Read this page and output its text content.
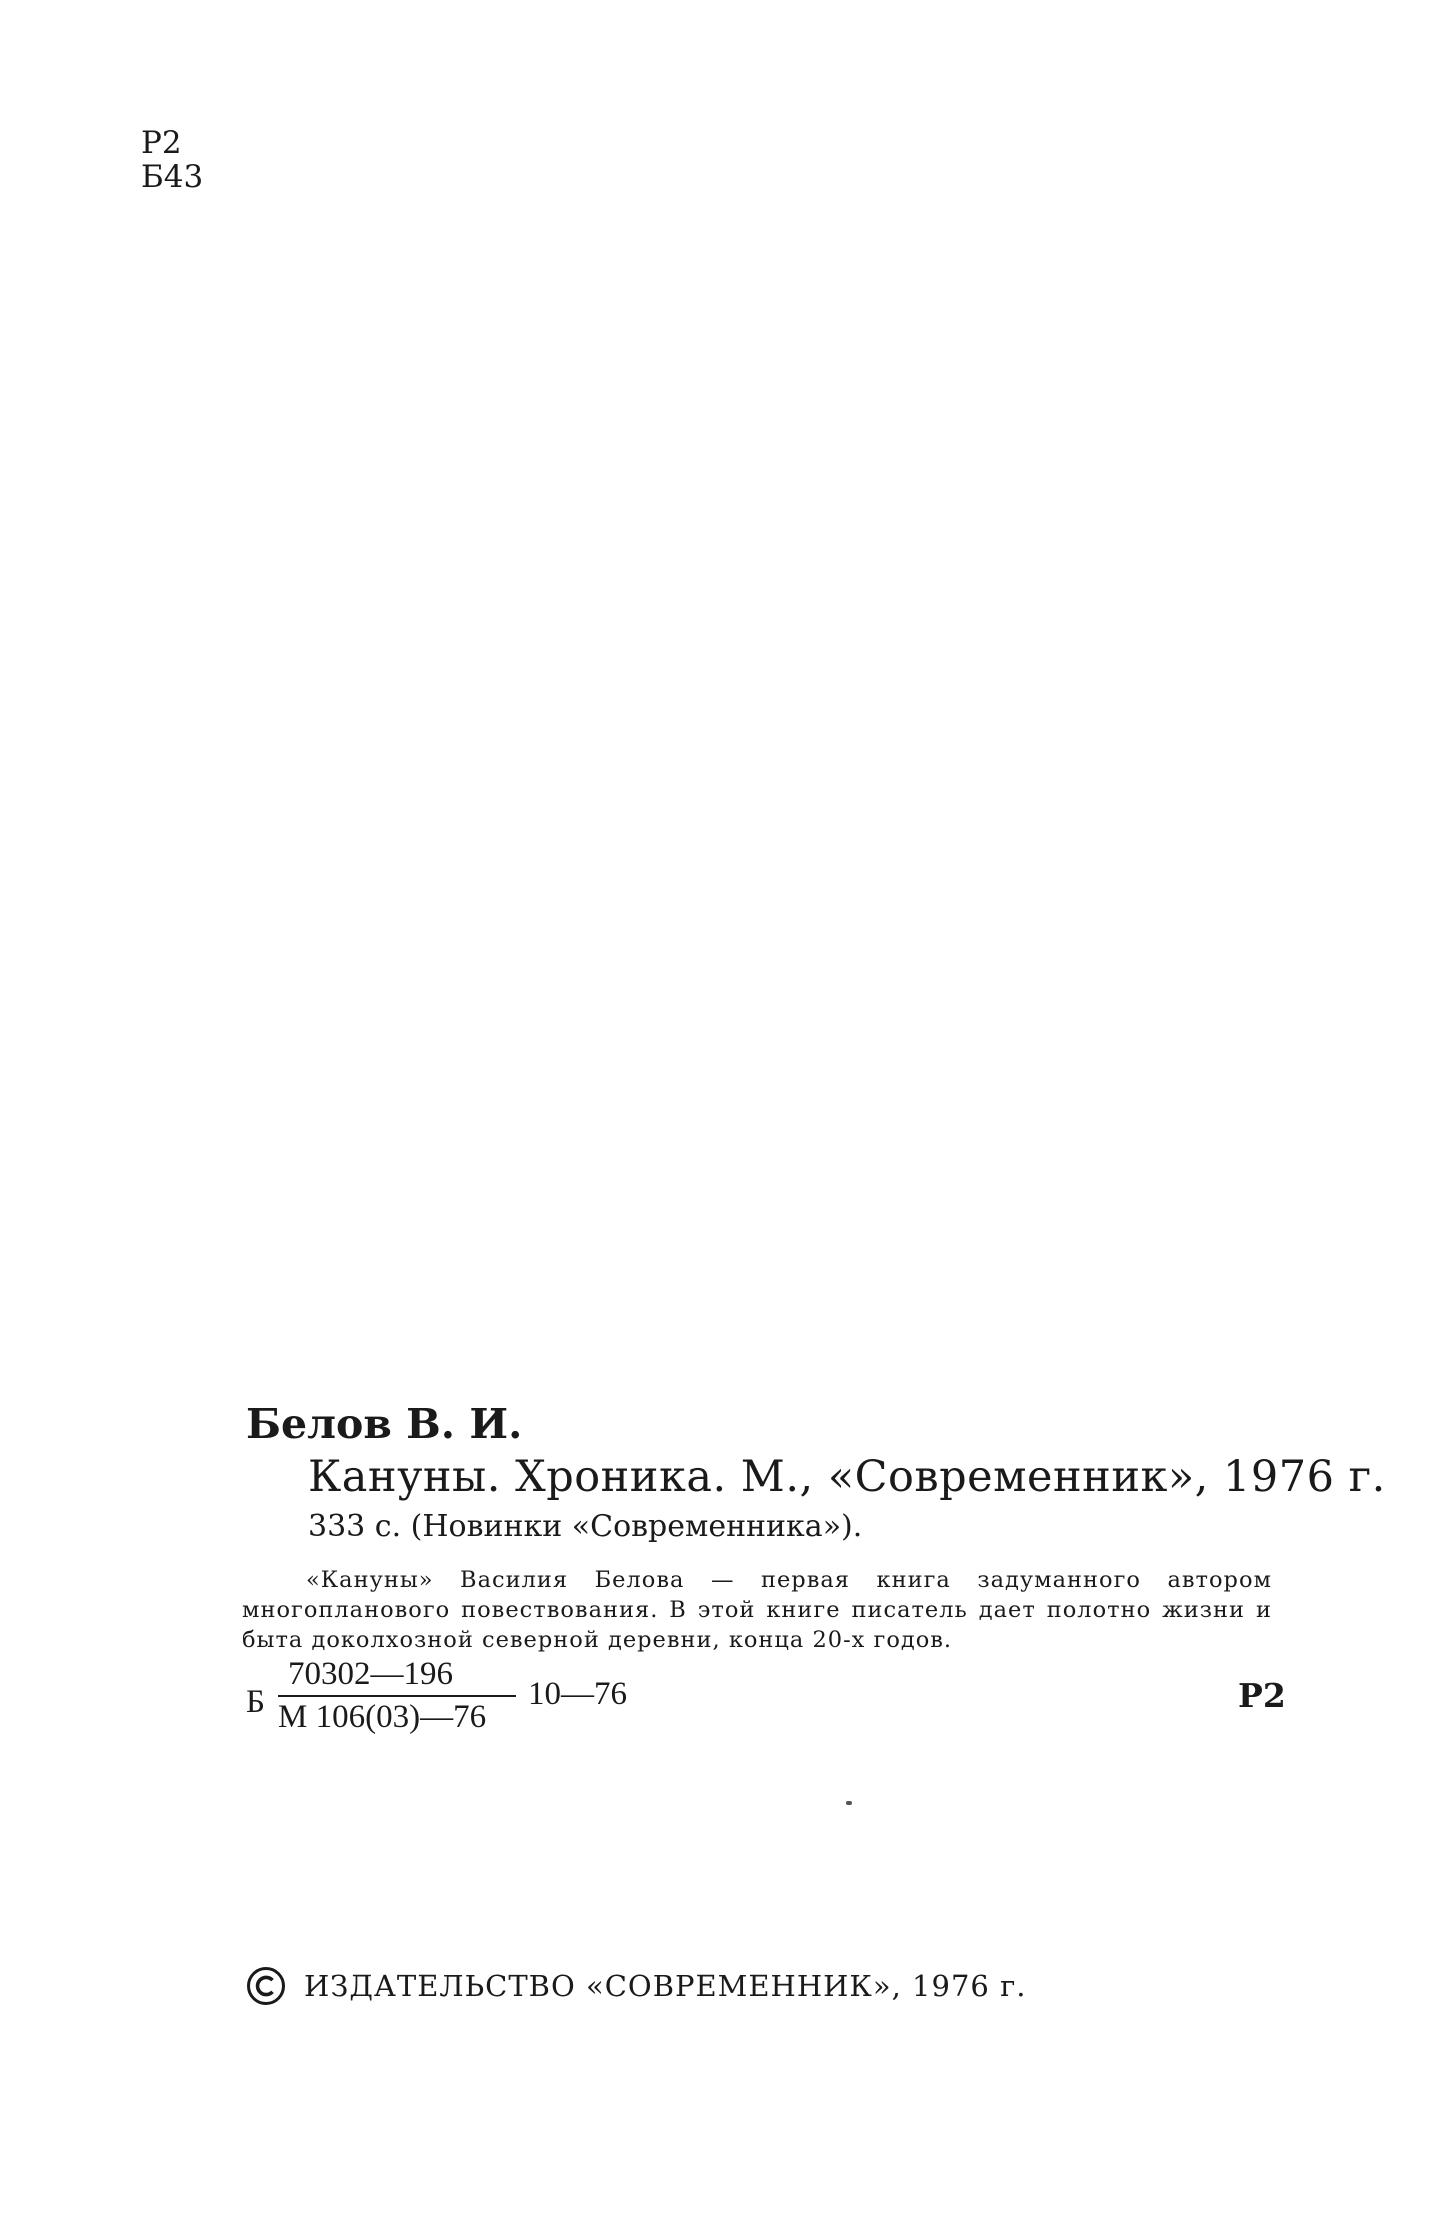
Р2
Б43
Белов В. И.
Кануны. Хроника. М., «Современник», 1976 г.
333 с. (Новинки «Современника»).
«Кануны» Василия Белова — первая книга задуманного автором многопланового повествования. В этой книге писатель дает полотно жизни и быта доколхозной северной деревни, конца 20-х годов.
Б
70302—196
М 106(03)—76
10—76	Р2
ИЗДАТЕЛЬСТВО «СОВРЕМЕННИК», 1976 г.
